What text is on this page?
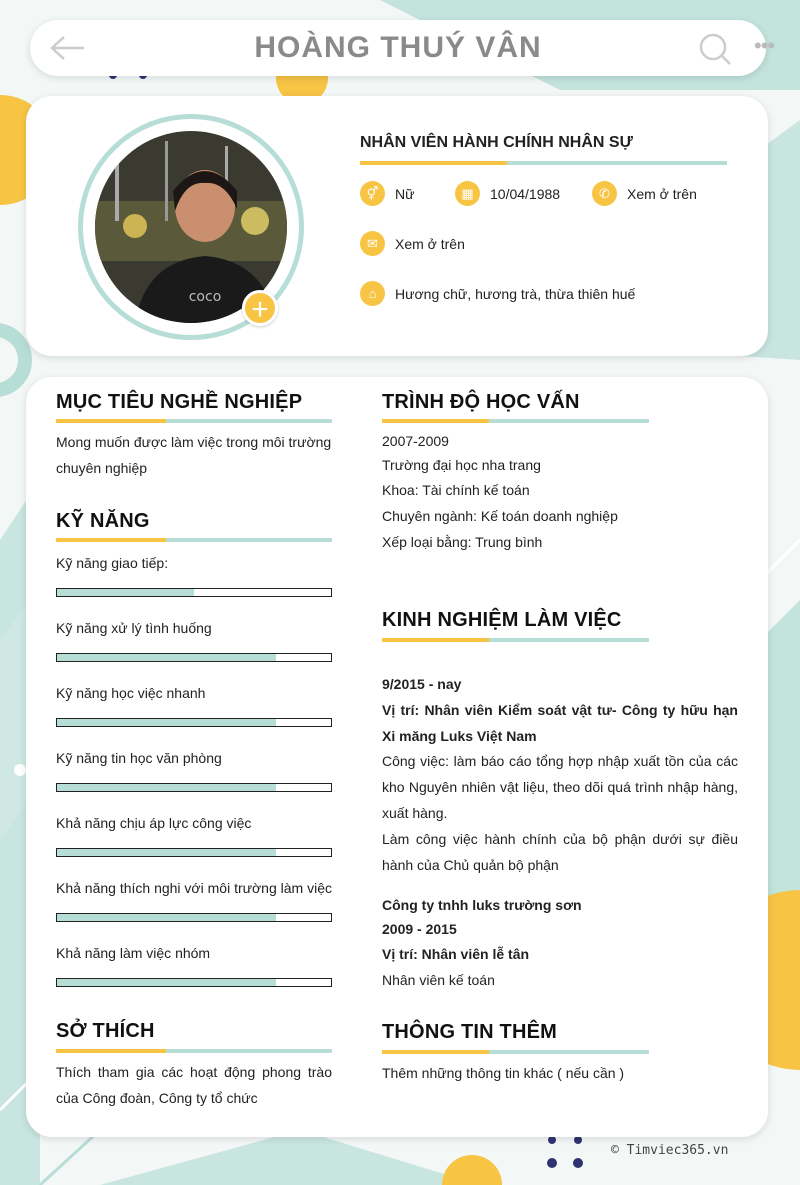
HOÀNG THUÝ VÂN	•••
coco +
NHÂN VIÊN HÀNH CHÍNH NHÂN SỰ
⚥	Nữ	▦	10/04/1988	✆	Xem ở trên
✉	Xem ở trên
⌂	Hương chữ, hương trà, thừa thiên huế
MỤC TIÊU NGHỀ NGHIỆP
Mong muốn được làm việc trong môi trường chuyên nghiệp
KỸ NĂNG
Kỹ năng giao tiếp:
Kỹ năng xử lý tình huống
Kỹ năng học việc nhanh
Kỹ năng tin học văn phòng
Khả năng chịu áp lực công việc
Khả năng thích nghi với môi trường làm việc
Khả năng làm việc nhóm
SỞ THÍCH
Thích tham gia các hoạt động phong trào của Công đoàn, Công ty tổ chức
TRÌNH ĐỘ HỌC VẤN
2007-2009
Trường đại học nha trang
Khoa: Tài chính kế toán
Chuyên ngành: Kế toán doanh nghiệp
Xếp loại bằng: Trung bình
KINH NGHIỆM LÀM VIỆC
9/2015 - nay
Vị trí: Nhân viên Kiểm soát vật tư- Công ty hữu hạn Xi măng Luks Việt Nam
Công việc: làm báo cáo tổng hợp nhập xuất tồn của các kho Nguyên nhiên vật liệu, theo dõi quá trình nhập hàng, xuất hàng.
Làm công việc hành chính của bộ phận dưới sự điều hành của Chủ quản bộ phận
Công ty tnhh luks trường sơn
2009 - 2015
Vị trí: Nhân viên lễ tân
Nhân viên kế toán
THÔNG TIN THÊM
Thêm những thông tin khác ( nếu cần )
© Timviec365.vn
